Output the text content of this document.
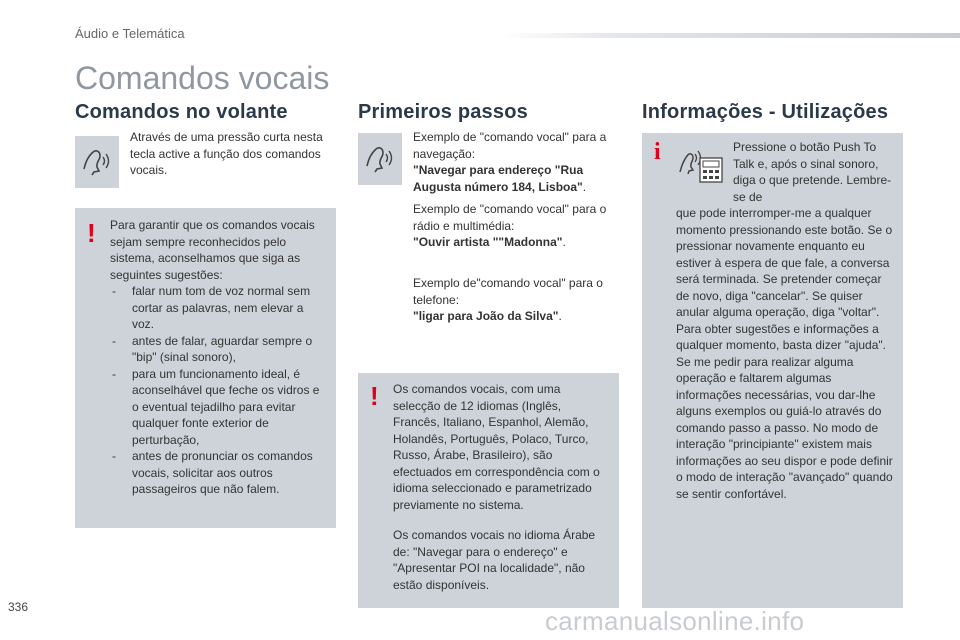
Áudio e Telemática
Comandos vocais
Comandos no volante
Através de uma pressão curta nesta tecla active a função dos comandos vocais.
! Para garantir que os comandos vocais sejam sempre reconhecidos pelo sistema, aconselhamos que siga as seguintes sugestões:
- falar num tom de voz normal sem cortar as palavras, nem elevar a voz.
- antes de falar, aguardar sempre o "bip" (sinal sonoro),
- para um funcionamento ideal, é aconselhável que feche os vidros e o eventual tejadilho para evitar qualquer fonte exterior de perturbação,
- antes de pronunciar os comandos vocais, solicitar aos outros passageiros que não falem.
Primeiros passos
Exemplo de "comando vocal" para a navegação:
"Navegar para endereço "Rua Augusta número 184, Lisboa".
Exemplo de "comando vocal" para o rádio e multimédia:
"Ouvir artista ""Madonna".
Exemplo de"comando vocal" para o telefone:
"ligar para João da Silva".
! Os comandos vocais, com uma selecção de 12 idiomas (Inglês, Francês, Italiano, Espanhol, Alemão, Holandês, Português, Polaco, Turco, Russo, Árabe, Brasileiro), são efectuados em correspondência com o idioma seleccionado e parametrizado previamente no sistema.
Os comandos vocais no idioma Árabe de: "Navegar para o endereço" e "Apresentar POI na localidade", não estão disponíveis.
Informações - Utilizações
i	Pressione o botão Push To Talk e, após o sinal sonoro, diga o que pretende. Lembre-se de
que pode interromper-me a qualquer momento pressionando este botão. Se o pressionar novamente enquanto eu estiver à espera de que fale, a conversa será terminada. Se pretender começar de novo, diga "cancelar". Se quiser anular alguma operação, diga "voltar". Para obter sugestões e informações a qualquer momento, basta dizer "ajuda". Se me pedir para realizar alguma operação e faltarem algumas informações necessárias, vou dar-lhe alguns exemplos ou guiá-lo através do comando passo a passo. No modo de interação "principiante" existem mais informações ao seu dispor e pode definir o modo de interação "avançado" quando se sentir confortável.
336	carmanualsonline.info
